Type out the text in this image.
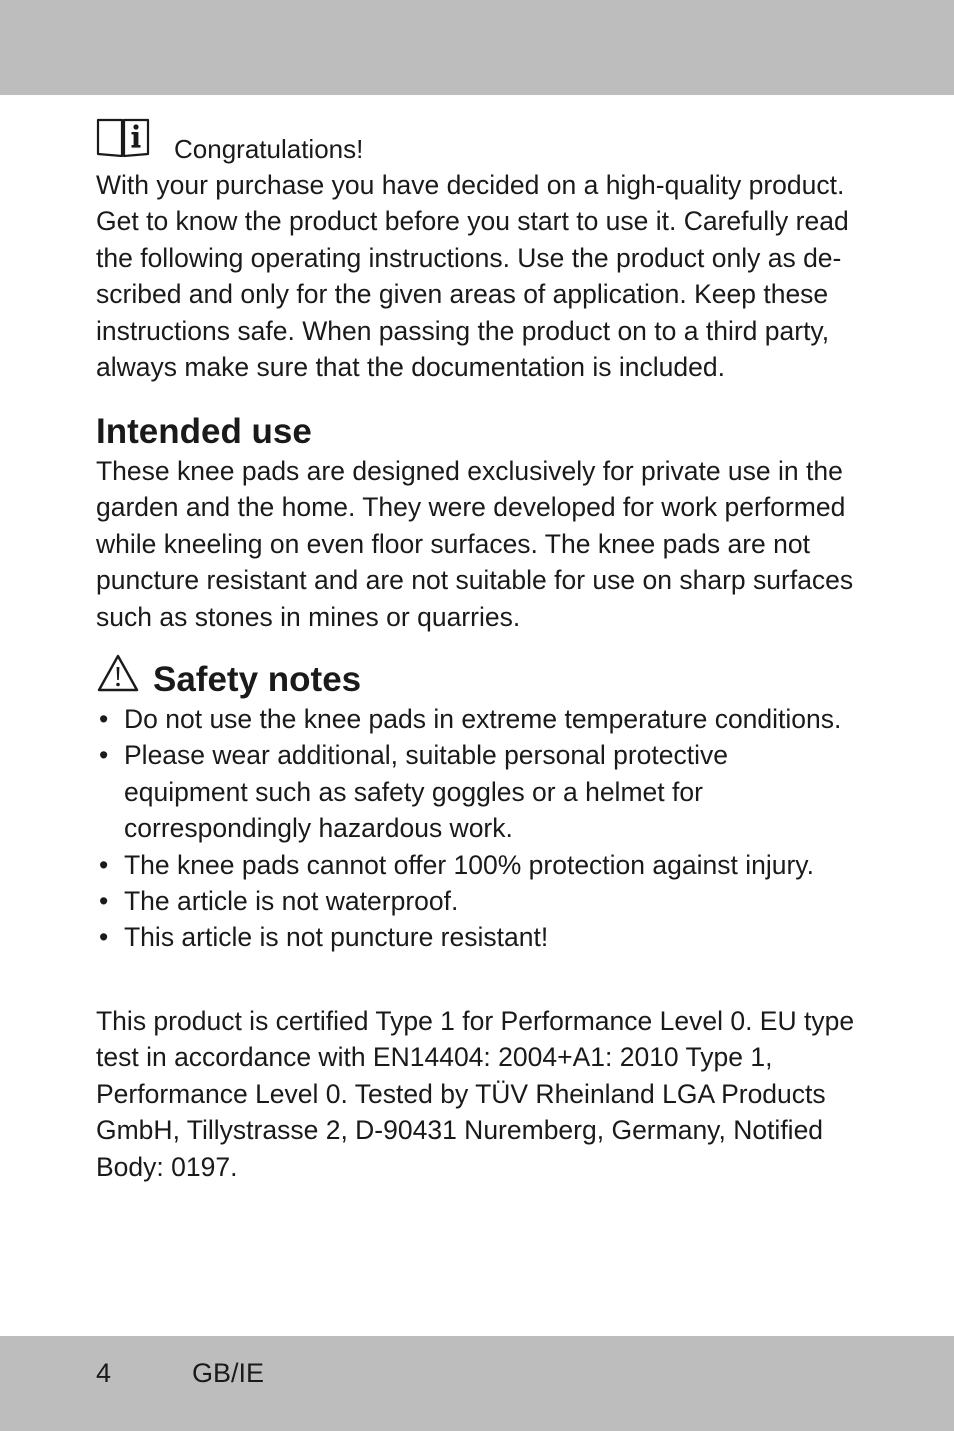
Congratulations!

With your purchase you have decided on a high-quality product.
Get to know the product before you start to use it. Carefully read
the following operating instructions. Use the product only as de-
scribed and only for the given areas of application. Keep these
instructions safe. When passing the product on to a third party,
always make sure that the documentation is included.

Intended use

These knee pads are designed exclusively for private use in the
garden and the home. They were developed for work performed
while kneeling on even floor surfaces. The knee pads are not
puncture resistant and are not suitable for use on sharp surfaces
such as stones in mines or quarries.

Safety notes
• Do not use the knee pads in extreme temperature conditions.
• Please wear additional, suitable personal protective
equipment such as safety goggles or a helmet for
correspondingly hazardous work.
• The knee pads cannot offer 100% protection against injury.
• The article is not waterproof.
• This article is not puncture resistant!

This product is certified Type 1 for Performance Level 0. EU type
test in accordance with EN14404: 2004+A1: 2010 Type 1,
Performance Level 0. Tested by TÜV Rheinland LGA Products
GmbH, Tillystrasse 2, D-90431 Nuremberg, Germany, Notified
Body: 0197.

4	GB/IE
